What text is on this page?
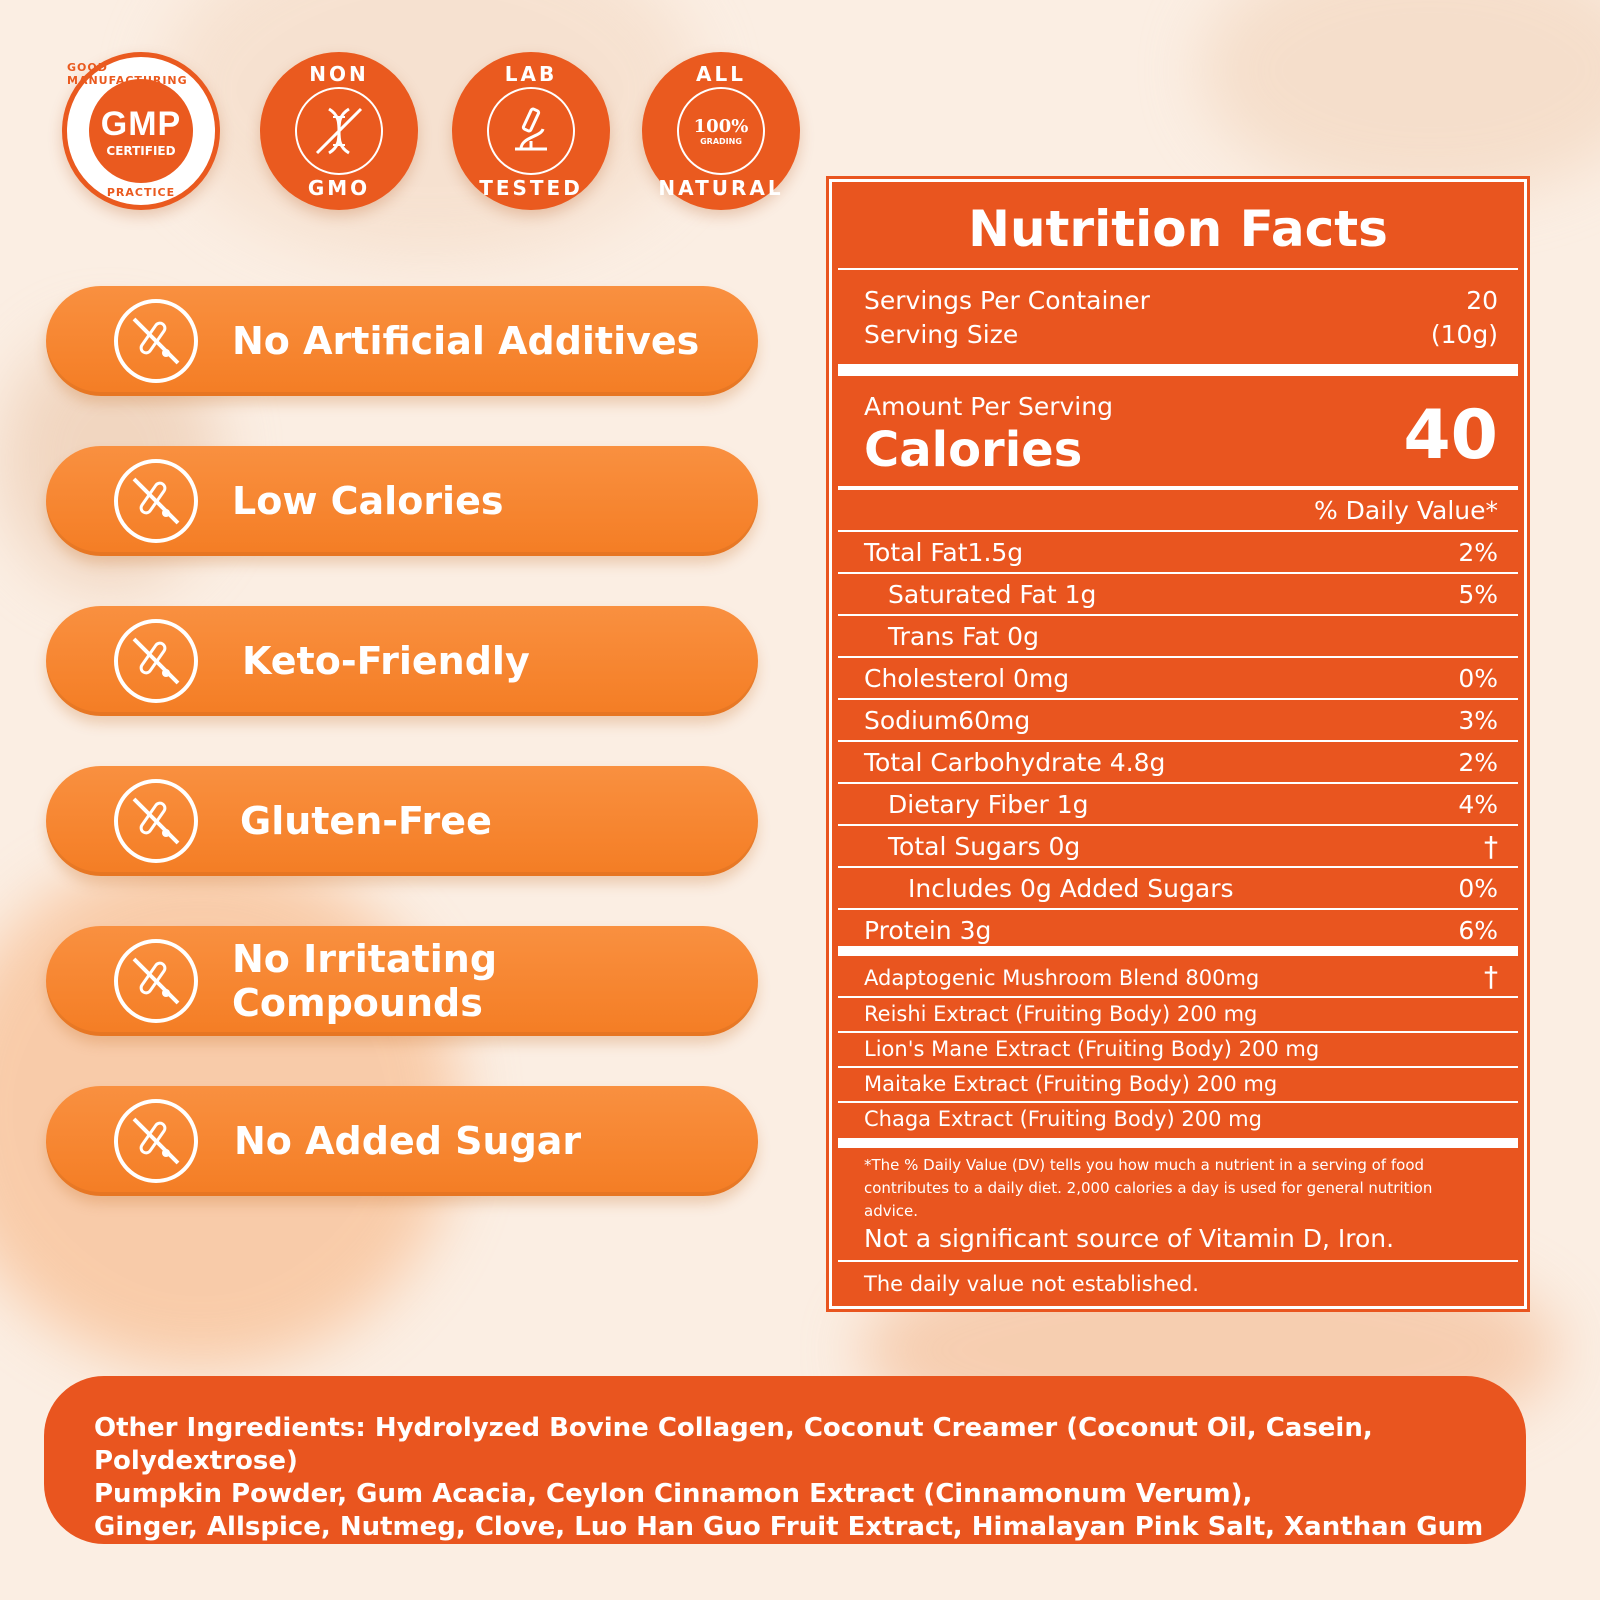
GOOD MANUFACTURING
GMP
CERTIFIED
PRACTICE
NON
GMO
LAB
TESTED
ALL
100%
GRADING
NATURAL
No Artificial Additives
Low Calories
Keto-Friendly
Gluten-Free
No Irritating Compounds
No Added Sugar
Nutrition Facts
Servings Per Container	20
Serving Size	(10g)
Amount Per Serving
Calories	40
% Daily Value*
Total Fat1.5g	2%
Saturated Fat 1g	5%
Trans Fat 0g
Cholesterol 0mg	0%
Sodium60mg	3%
Total Carbohydrate 4.8g	2%
Dietary Fiber 1g	4%
Total Sugars 0g	†
Includes 0g Added Sugars	0%
Protein 3g	6%
Adaptogenic Mushroom Blend 800mg	†
Reishi Extract (Fruiting Body) 200 mg
Lion's Mane Extract (Fruiting Body) 200 mg
Maitake Extract (Fruiting Body) 200 mg
Chaga Extract (Fruiting Body) 200 mg
*The % Daily Value (DV) tells you how much a nutrient in a serving of food contributes to a daily diet. 2,000 calories a day is used for general nutrition advice.
Not a significant source of Vitamin D, Iron.
The daily value not established.
Other Ingredients: Hydrolyzed Bovine Collagen, Coconut Creamer (Coconut Oil, Casein, Polydextrose)
Pumpkin Powder, Gum Acacia, Ceylon Cinnamon Extract (Cinnamonum Verum),
Ginger, Allspice, Nutmeg, Clove, Luo Han Guo Fruit Extract, Himalayan Pink Salt, Xanthan Gum
